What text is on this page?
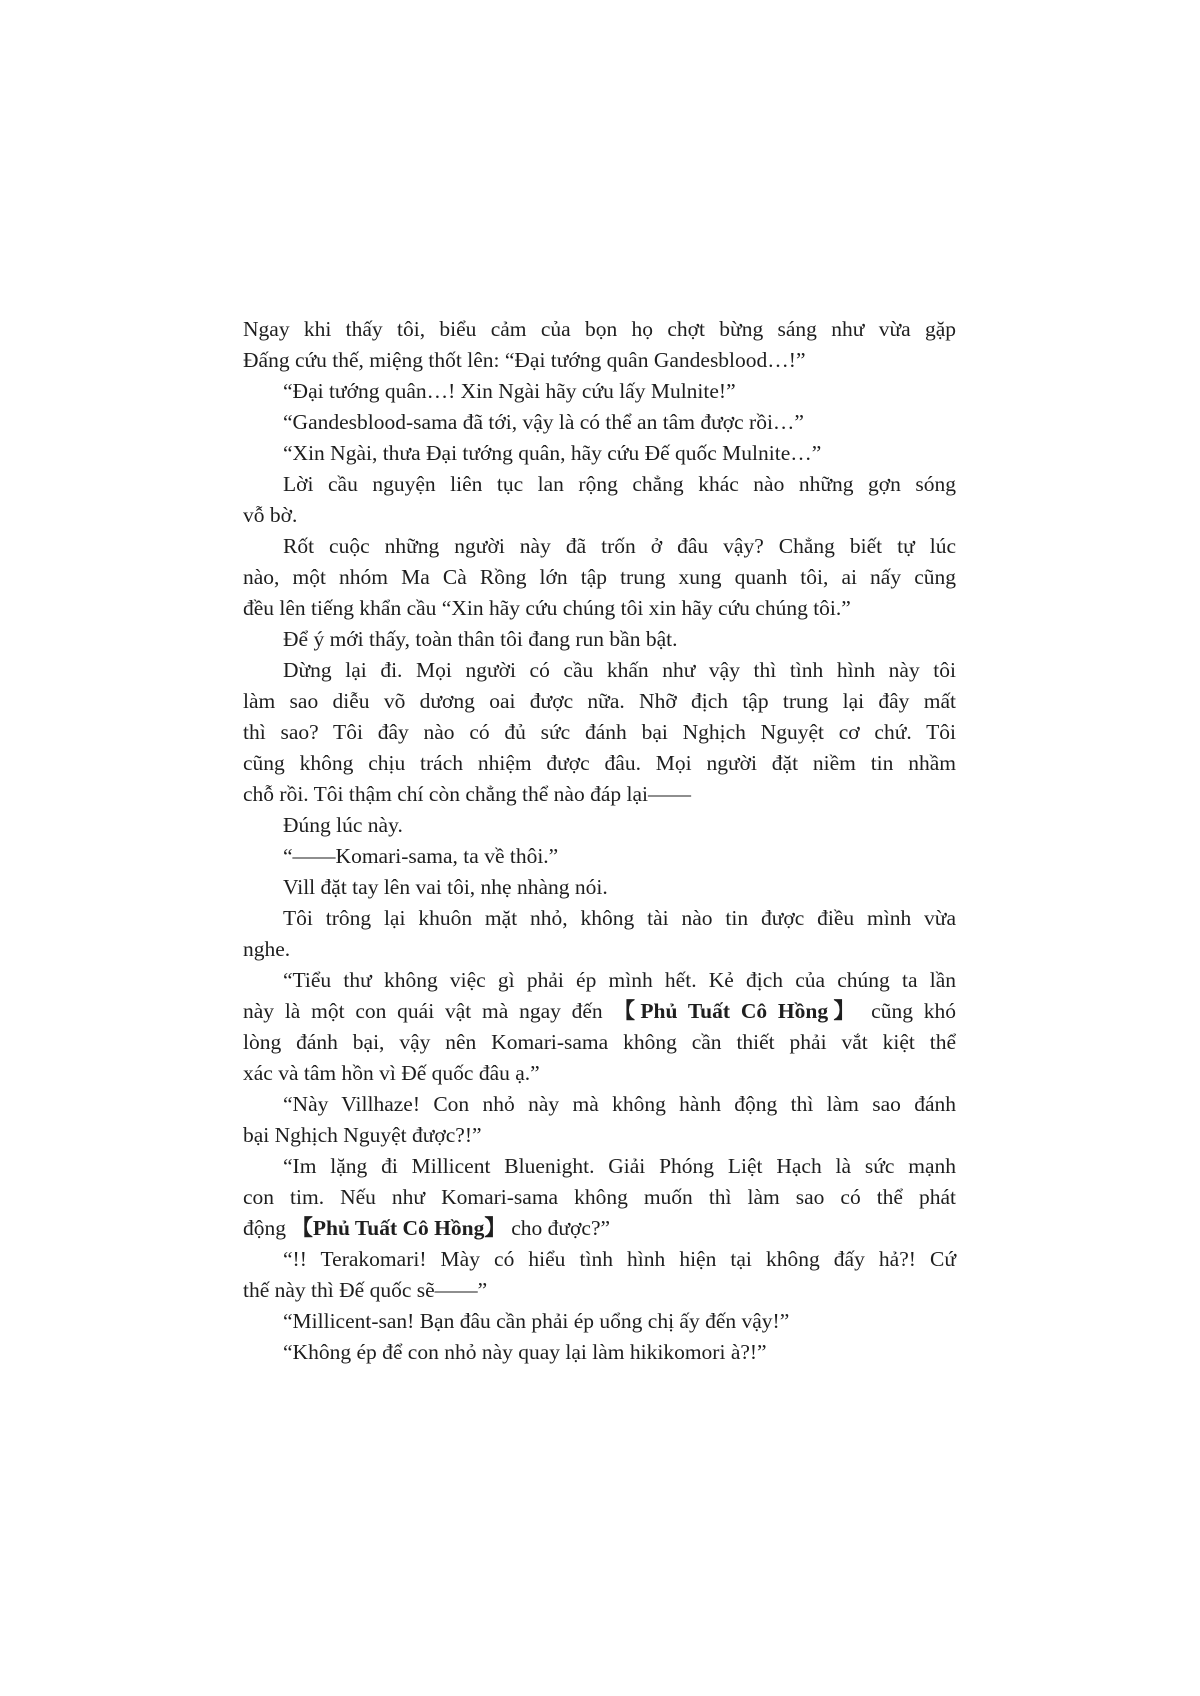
Ngay khi thấy tôi, biểu cảm của bọn họ chợt bừng sáng như vừa gặp
Đấng cứu thế, miệng thốt lên: “Đại tướng quân Gandesblood…!”
“Đại tướng quân…! Xin Ngài hãy cứu lấy Mulnite!”
“Gandesblood-sama đã tới, vậy là có thể an tâm được rồi…”
“Xin Ngài, thưa Đại tướng quân, hãy cứu Đế quốc Mulnite…”
Lời cầu nguyện liên tục lan rộng chẳng khác nào những gợn sóng
vỗ bờ.
Rốt cuộc những người này đã trốn ở đâu vậy? Chẳng biết tự lúc
nào, một nhóm Ma Cà Rồng lớn tập trung xung quanh tôi, ai nấy cũng
đều lên tiếng khẩn cầu “Xin hãy cứu chúng tôi xin hãy cứu chúng tôi.”
Để ý mới thấy, toàn thân tôi đang run bần bật.
Dừng lại đi. Mọi người có cầu khấn như vậy thì tình hình này tôi
làm sao diễu võ dương oai được nữa. Nhỡ địch tập trung lại đây mất
thì sao? Tôi đây nào có đủ sức đánh bại Nghịch Nguyệt cơ chứ. Tôi
cũng không chịu trách nhiệm được đâu. Mọi người đặt niềm tin nhầm
chỗ rồi. Tôi thậm chí còn chẳng thể nào đáp lại——
Đúng lúc này.
“——Komari-sama, ta về thôi.”
Vill đặt tay lên vai tôi, nhẹ nhàng nói.
Tôi trông lại khuôn mặt nhỏ, không tài nào tin được điều mình vừa
nghe.
“Tiểu thư không việc gì phải ép mình hết. Kẻ địch của chúng ta lần
này là một con quái vật mà ngay đến 【Phủ Tuất Cô Hồng】 cũng khó
lòng đánh bại, vậy nên Komari-sama không cần thiết phải vắt kiệt thể
xác và tâm hồn vì Đế quốc đâu ạ.”
“Này Villhaze! Con nhỏ này mà không hành động thì làm sao đánh
bại Nghịch Nguyệt được?!”
“Im lặng đi Millicent Bluenight. Giải Phóng Liệt Hạch là sức mạnh
con tim. Nếu như Komari-sama không muốn thì làm sao có thể phát
động 【Phủ Tuất Cô Hồng】 cho được?”
“!! Terakomari! Mày có hiểu tình hình hiện tại không đấy hả?! Cứ
thế này thì Đế quốc sẽ——”
“Millicent-san! Bạn đâu cần phải ép uổng chị ấy đến vậy!”
“Không ép để con nhỏ này quay lại làm hikikomori à?!”
